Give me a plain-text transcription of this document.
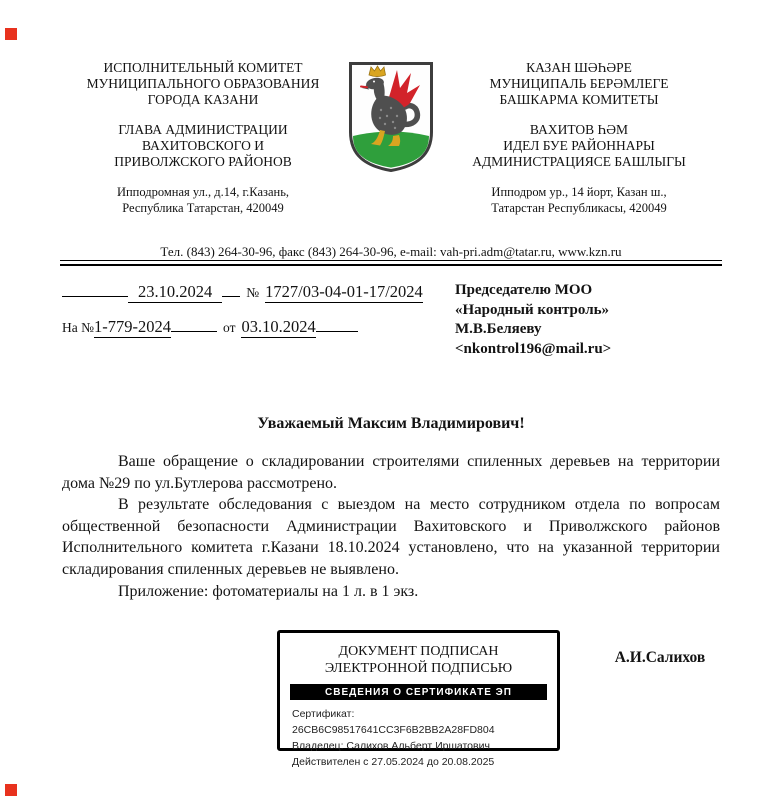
ИСПОЛНИТЕЛЬНЫЙ КОМИТЕТ
МУНИЦИПАЛЬНОГО ОБРАЗОВАНИЯ
ГОРОДА КАЗАНИ
ГЛАВА АДМИНИСТРАЦИИ
ВАХИТОВСКОГО И
ПРИВОЛЖСКОГО РАЙОНОВ
Ипподромная ул., д.14, г.Казань,
Республика Татарстан, 420049
КАЗАН ШӘҺӘРЕ
МУНИЦИПАЛЬ БЕРӘМЛЕГЕ
БАШКАРМА КОМИТЕТЫ
ВАХИТОВ ҺӘМ
ИДЕЛ БУЕ РАЙОННАРЫ
АДМИНИСТРАЦИЯСЕ БАШЛЫГЫ
Ипподром ур., 14 йорт, Казан ш.,
Татарстан Республикасы, 420049
Тел. (843) 264-30-96, факс (843) 264-30-96, e-mail: vah-pri.adm@tatar.ru, www.kzn.ru
23.10.2024	№ 1727/03-04-01-17/2024
На № 1-779-2024	от 03.10.2024
Председателю МОО
«Народный контроль»
М.В.Беляеву
<nkontrol196@mail.ru>
Уважаемый Максим Владимирович!

Ваше обращение о складировании строителями спиленных деревьев на территории дома №29 по ул.Бутлерова рассмотрено.

В результате обследования с выездом на место сотрудником отдела по вопросам общественной безопасности Администрации Вахитовского и Приволжского районов Исполнительного комитета г.Казани 18.10.2024 установлено, что на указанной территории складирования спиленных деревьев не выявлено.

Приложение: фотоматериалы на 1 л. в 1 экз.

ДОКУМЕНТ ПОДПИСАН
ЭЛЕКТРОННОЙ ПОДПИСЬЮ
СВЕДЕНИЯ О СЕРТИФИКАТЕ ЭП
Сертификат: 26CB6C98517641CC3F6B2BB2A28FD804
Владелец: Салихов Альберт Иршатович
Действителен с 27.05.2024 до 20.08.2025
А.И.Салихов
